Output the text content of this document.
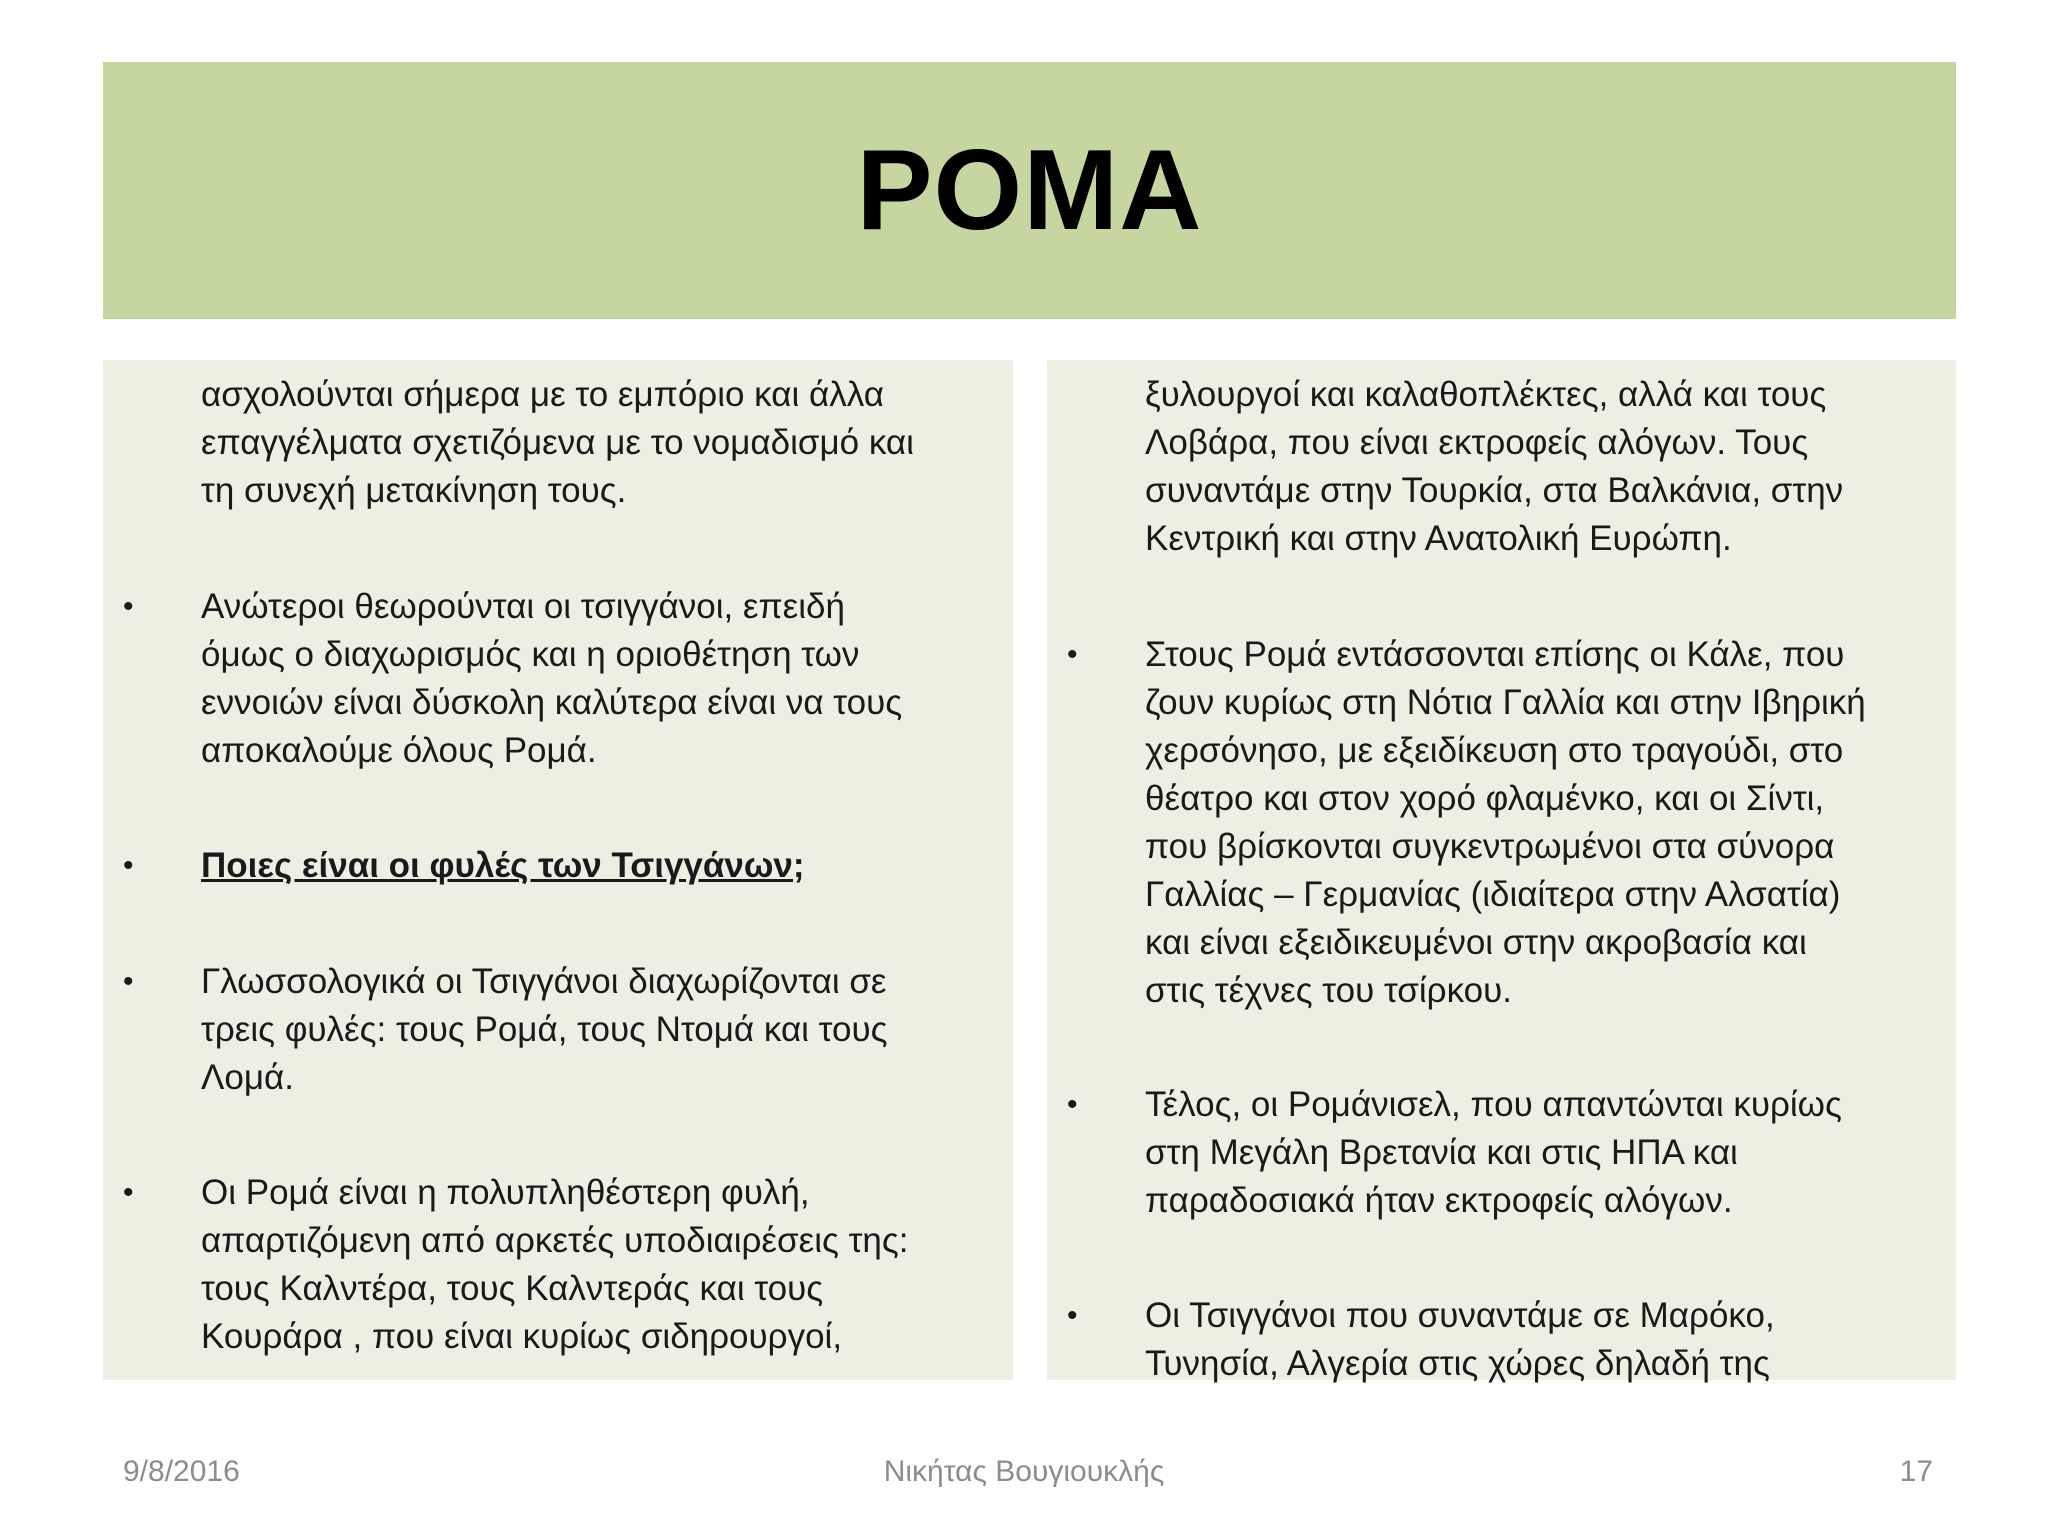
ΡΟΜΑ
ασχολούνται σήμερα με το εμπόριο και άλλα
επαγγέλματα σχετιζόμενα με το νομαδισμό και
τη συνεχή μετακίνηση τους.
• Ανώτεροι θεωρούνται οι τσιγγάνοι, επειδή
όμως ο διαχωρισμός και η οριοθέτηση των
εννοιών είναι δύσκολη καλύτερα είναι να τους
αποκαλούμε όλους Ρομά.
• Ποιες είναι οι φυλές των Τσιγγάνων;
• Γλωσσολογικά οι Τσιγγάνοι διαχωρίζονται σε
τρεις φυλές: τους Ρομά, τους Ντομά και τους
Λομά.
• Οι Ρομά είναι η πολυπληθέστερη φυλή,
απαρτιζόμενη από αρκετές υποδιαιρέσεις της:
τους Καλντέρα, τους Καλντεράς και τους
Κουράρα , που είναι κυρίως σιδηρουργοί,
ξυλουργοί και καλαθοπλέκτες, αλλά και τους
Λοβάρα, που είναι εκτροφείς αλόγων. Τους
συναντάμε στην Τουρκία, στα Βαλκάνια, στην
Κεντρική και στην Ανατολική Ευρώπη.
• Στους Ρομά εντάσσονται επίσης οι Κάλε, που
ζουν κυρίως στη Νότια Γαλλία και στην Ιβηρική
χερσόνησο, με εξειδίκευση στο τραγούδι, στο
θέατρο και στον χορό φλαμένκο, και οι Σίντι,
που βρίσκονται συγκεντρωμένοι στα σύνορα
Γαλλίας – Γερμανίας (ιδιαίτερα στην Αλσατία)
και είναι εξειδικευμένοι στην ακροβασία και
στις τέχνες του τσίρκου.
• Τέλος, οι Ρομάνισελ, που απαντώνται κυρίως
στη Μεγάλη Βρετανία και στις ΗΠΑ και
παραδοσιακά ήταν εκτροφείς αλόγων.
• Οι Τσιγγάνοι που συναντάμε σε Μαρόκο,
Τυνησία, Αλγερία στις χώρες δηλαδή της
9/8/2016	Νικήτας Βουγιουκλής	17
